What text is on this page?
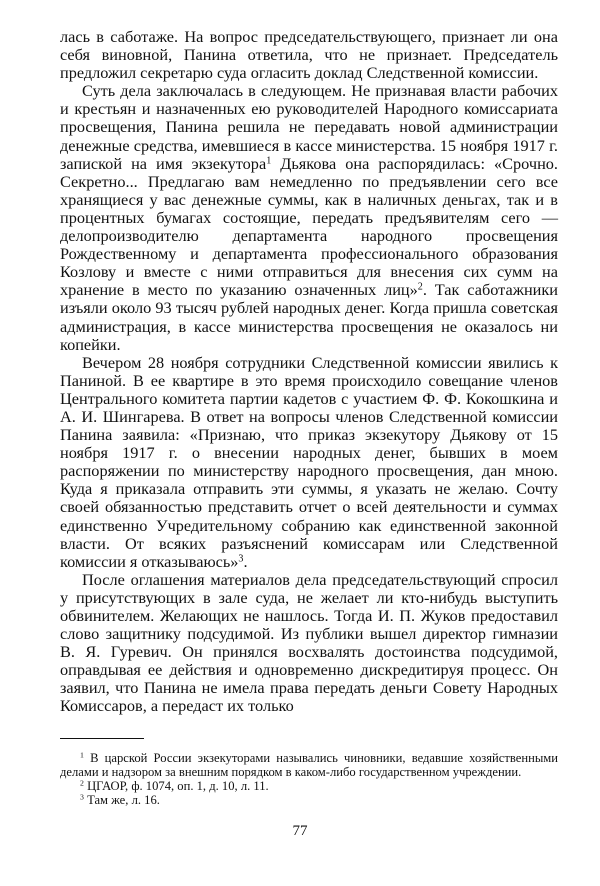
лась в саботаже. На вопрос председательствующего, признает ли она себя виновной, Панина ответила, что не признает. Председатель предложил секретарю суда огласить доклад Следственной комиссии.

Суть дела заключалась в следующем. Не признавая власти рабочих и крестьян и назначенных ею руководителей Народного комиссариата просвещения, Панина решила не передавать новой администрации денежные средства, имевшиеся в кассе министерства. 15 ноября 1917 г. запиской на имя экзекутора$^1$ Дьякова она распорядилась: «Срочно. Секретно... Предлагаю вам немедленно по предъявлении сего все хранящиеся у вас денежные суммы, как в наличных деньгах, так и в процентных бумагах состоящие, передать предъявителям сего — делопроизводителю департамента народного просвещения Рождественному и департамента профессионального образования Козлову и вместе с ними отправиться для внесения сих сумм на хранение в место по указанию означенных лиц»$^2$. Так саботажники изъяли около 93 тысяч рублей народных денег. Когда пришла советская администрация, в кассе министерства просвещения не оказалось ни копейки.

Вечером 28 ноября сотрудники Следственной комиссии явились к Паниной. В ее квартире в это время происходило совещание членов Центрального комитета партии кадетов с участием Ф. Ф. Кокошкина и А. И. Шингарева. В ответ на вопросы членов Следственной комиссии Панина заявила: «Признаю, что приказ экзекутору Дьякову от 15 ноября 1917 г. о внесении народных денег, бывших в моем распоряжении по министерству народного просвещения, дан мною. Куда я приказала отправить эти суммы, я указать не желаю. Сочту своей обязанностью представить отчет о всей деятельности и суммах единственно Учредительному собранию как единственной законной власти. От всяких разъяснений комиссарам или Следственной комиссии я отказываюсь»$^3$.

После оглашения материалов дела председательствующий спросил у присутствующих в зале суда, не желает ли кто-нибудь выступить обвинителем. Желающих не нашлось. Тогда И. П. Жуков предоставил слово защитнику подсудимой. Из публики вышел директор гимназии В. Я. Гуревич. Он принялся восхвалять достоинства подсудимой, оправдывая ее действия и одновременно дискредитируя процесс. Он заявил, что Панина не имела права передать деньги Совету Народных Комиссаров, а передаст их только

$^1$ В царской России экзекуторами назывались чиновники, ведавшие хозяйственными делами и надзором за внешним порядком в каком-либо государственном учреждении.

$^2$ ЦГАОР, ф. 1074, оп. 1, д. 10, л. 11.

$^3$ Там же, л. 16.

77
